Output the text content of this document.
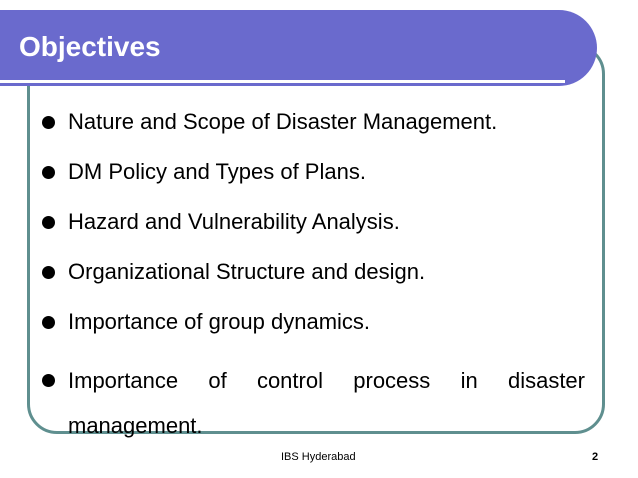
Objectives
Nature and Scope of Disaster Management.
DM Policy and Types of Plans.
Hazard and Vulnerability Analysis.
Organizational Structure and design.
Importance of group dynamics.
Importance of control process in disaster management.
IBS Hyderabad	2
